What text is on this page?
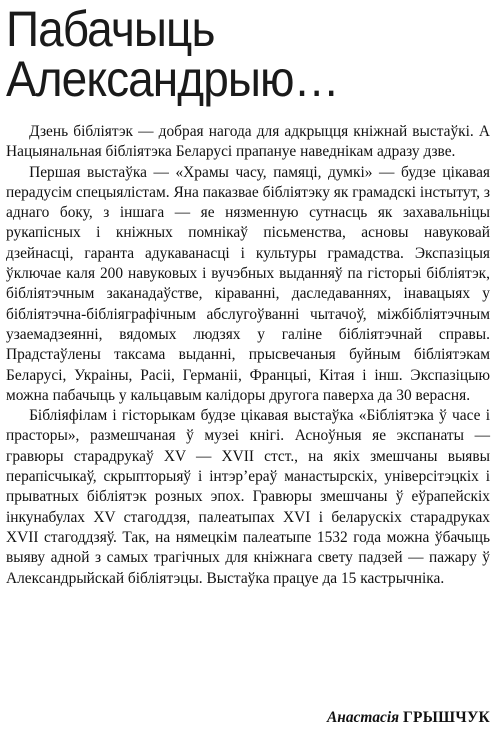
Пабачыць
Александрыю…

Дзень бібліятэк — добрая нагода для адкрыцця кніжнай выстаўкі. А Нацыянальная бібліятэка Беларусі прапануе наведнікам адразу дзве.

Першая выстаўка — «Храмы часу, памяці, думкі» — будзе цікавая перадусім спецыялістам. Яна паказвае бібліятэку як грамадскі інстытут, з аднаго боку, з іншага — яе нязменную сутнасць як захавальніцы рукапісных і кніжных помнікаў пісьменства, асновы навуковай дзейнасці, гаранта адукаванасці і культуры грамадства. Экспазіцыя ўключае каля 200 навуковых і вучэбных выданняў па гісторыі бібліятэк, бібліятэчным заканадаўстве, кіраванні, даследаваннях, інавацыях у бібліятэчна-бібліяграфічным абслугоўванні чытачоў, міжбібліятэчным узаемадзеянні, вядомых людзях у галіне бібліятэчнай справы. Прадстаўлены таксама выданні, прысвечаныя буйным бібліятэкам Беларусі, Украіны, Расіі, Германіі, Францыі, Кітая і інш. Экспазіцыю можна пабачыць у кальцавым калідоры другога паверха да 30 верасня.

Бібліяфілам і гісторыкам будзе цікавая выстаўка «Бібліятэка ў часе і прасторы», размешчаная ў музеі кнігі. Асноўныя яе экспанаты — гравюры старадрукаў XV — XVII стст., на якіх змешчаны выявы перапісчыкаў, скрыпторыяў і інтэр’ераў манастырскіх, універсітэцкіх і прыватных бібліятэк розных эпох. Гравюры змешчаны ў еўрапейскіх інкунабулах XV стагоддзя, палеатыпах XVI і беларускіх старадруках XVII стагоддзяў. Так, на нямецкім палеатыпе 1532 года можна ўбачыць выяву адной з самых трагічных для кніжнага свету падзей — пажару ў Александрыйскай бібліятэцы. Выстаўка працуе да 15 кастрычніка.

Анастасія ГРЫШЧУК
